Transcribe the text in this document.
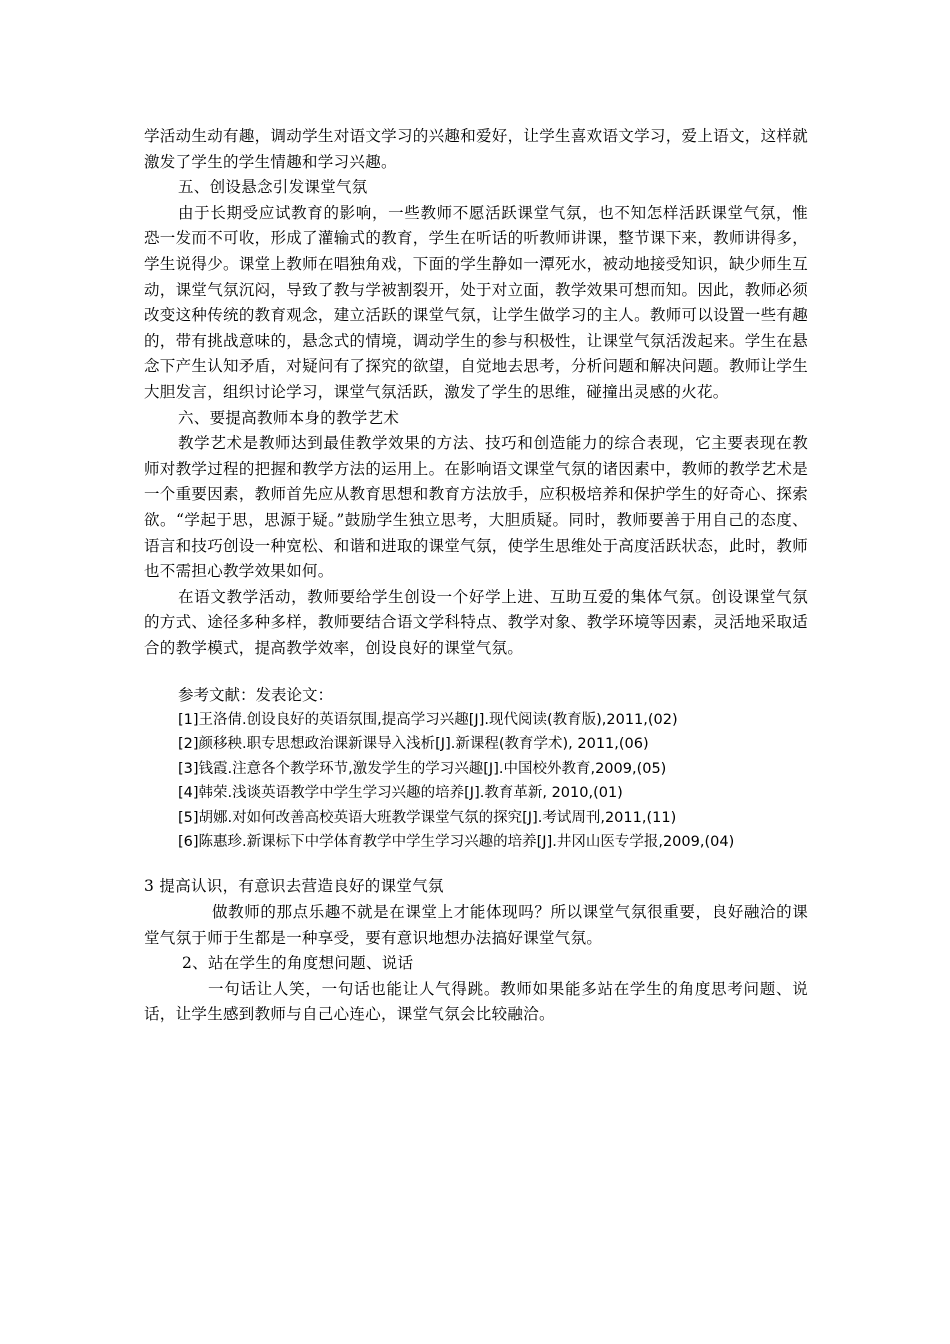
学活动生动有趣，调动学生对语文学习的兴趣和爱好，让学生喜欢语文学习，爱上语文，这样就激发了学生的学生情趣和学习兴趣。

五、创设悬念引发课堂气氛

由于长期受应试教育的影响，一些教师不愿活跃课堂气氛，也不知怎样活跃课堂气氛，惟恐一发而不可收，形成了灌输式的教育，学生在听话的听教师讲课，整节课下来，教师讲得多，学生说得少。课堂上教师在唱独角戏，下面的学生静如一潭死水，被动地接受知识，缺少师生互动，课堂气氛沉闷，导致了教与学被割裂开，处于对立面，教学效果可想而知。因此，教师必须改变这种传统的教育观念，建立活跃的课堂气氛，让学生做学习的主人。教师可以设置一些有趣的，带有挑战意味的，悬念式的情境，调动学生的参与积极性，让课堂气氛活泼起来。学生在悬念下产生认知矛盾，对疑问有了探究的欲望，自觉地去思考，分析问题和解决问题。教师让学生大胆发言，组织讨论学习，课堂气氛活跃，激发了学生的思维，碰撞出灵感的火花。

六、要提高教师本身的教学艺术

教学艺术是教师达到最佳教学效果的方法、技巧和创造能力的综合表现，它主要表现在教师对教学过程的把握和教学方法的运用上。在影响语文课堂气氛的诸因素中，教师的教学艺术是一个重要因素，教师首先应从教育思想和教育方法放手，应积极培养和保护学生的好奇心、探索欲。“学起于思，思源于疑。”鼓励学生独立思考，大胆质疑。同时，教师要善于用自己的态度、语言和技巧创设一种宽松、和谐和进取的课堂气氛，使学生思维处于高度活跃状态，此时，教师也不需担心教学效果如何。

在语文教学活动，教师要给学生创设一个好学上进、互助互爱的集体气氛。创设课堂气氛的方式、途径多种多样，教师要结合语文学科特点、教学对象、教学环境等因素，灵活地采取适合的教学模式，提高教学效率，创设良好的课堂气氛。

参考文献：发表论文：

[1]王洛倩.创设良好的英语氛围,提高学习兴趣[J].现代阅读(教育版),2011,(02)

[2]颜移秧.职专思想政治课新课导入浅析[J].新课程(教育学术), 2011,(06)

[3]钱霞.注意各个教学环节,激发学生的学习兴趣[J].中国校外教育,2009,(05)

[4]韩荣.浅谈英语教学中学生学习兴趣的培养[J].教育革新, 2010,(01)

[5]胡娜.对如何改善高校英语大班教学课堂气氛的探究[J].考试周刊,2011,(11)

[6]陈惠珍.新课标下中学体育教学中学生学习兴趣的培养[J].井冈山医专学报,2009,(04)

3 提高认识，有意识去营造良好的课堂气氛

做教师的那点乐趣不就是在课堂上才能体现吗？所以课堂气氛很重要，良好融洽的课堂气氛于师于生都是一种享受，要有意识地想办法搞好课堂气氛。

2、站在学生的角度想问题、说话

一句话让人笑，一句话也能让人气得跳。教师如果能多站在学生的角度思考问题、说话，让学生感到教师与自己心连心，课堂气氛会比较融洽。
